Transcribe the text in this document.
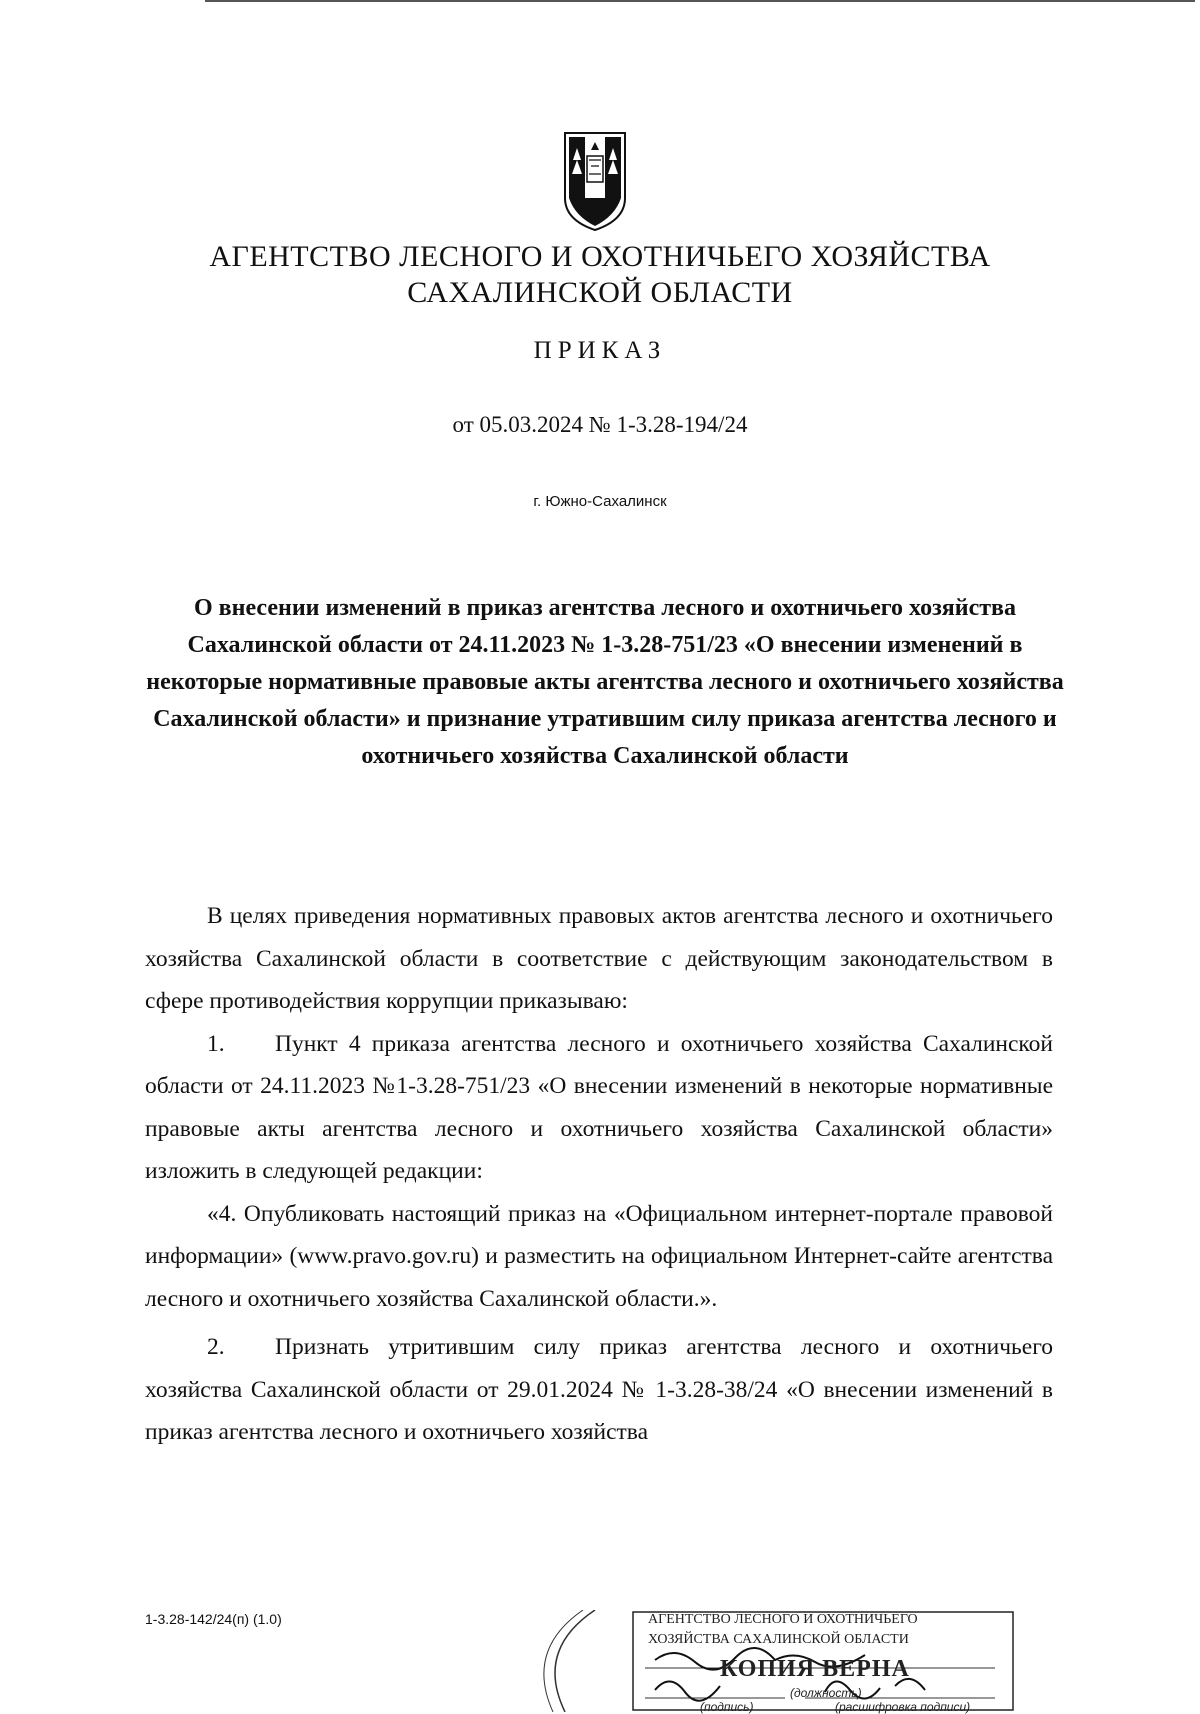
АГЕНТСТВО ЛЕСНОГО И ОХОТНИЧЬЕГО ХОЗЯЙСТВА
САХАЛИНСКОЙ ОБЛАСТИ
ПРИКАЗ
от 05.03.2024 № 1-3.28-194/24
г. Южно-Сахалинск
О внесении изменений в приказ агентства лесного и охотничьего хозяйства Сахалинской области от 24.11.2023 № 1-3.28-751/23 «О внесении изменений в некоторые нормативные правовые акты агентства лесного и охотничьего хозяйства Сахалинской области» и признание утратившим силу приказа агентства лесного и охотничьего хозяйства Сахалинской области

В целях приведения нормативных правовых актов агентства лесного и охотничьего хозяйства Сахалинской области в соответствие с действующим законодательством в сфере противодействия коррупции приказываю:

1. Пункт 4 приказа агентства лесного и охотничьего хозяйства Сахалинской области от 24.11.2023 №1-3.28-751/23 «О внесении изменений в некоторые нормативные правовые акты агентства лесного и охотничьего хозяйства Сахалинской области» изложить в следующей редакции:

«4. Опубликовать настоящий приказ на «Официальном интернет-портале правовой информации» (www.pravo.gov.ru) и разместить на официальном Интернет-сайте агентства лесного и охотничьего хозяйства Сахалинской области.».

2. Признать утритившим силу приказ агентства лесного и охотничьего хозяйства Сахалинской области от 29.01.2024 № 1-3.28-38/24 «О внесении изменений в приказ агентства лесного и охотничьего хозяйства

1-3.28-142/24(п) (1.0)	АГЕНТСТВО ЛЕСНОГО И ОХОТНИЧЬЕГО
ХОЗЯЙСТВА САХАЛИНСКОЙ ОБЛАСТИ
КОПИЯ ВЕРНА
(должность)
(подпись)	(расшифровка подписи)
